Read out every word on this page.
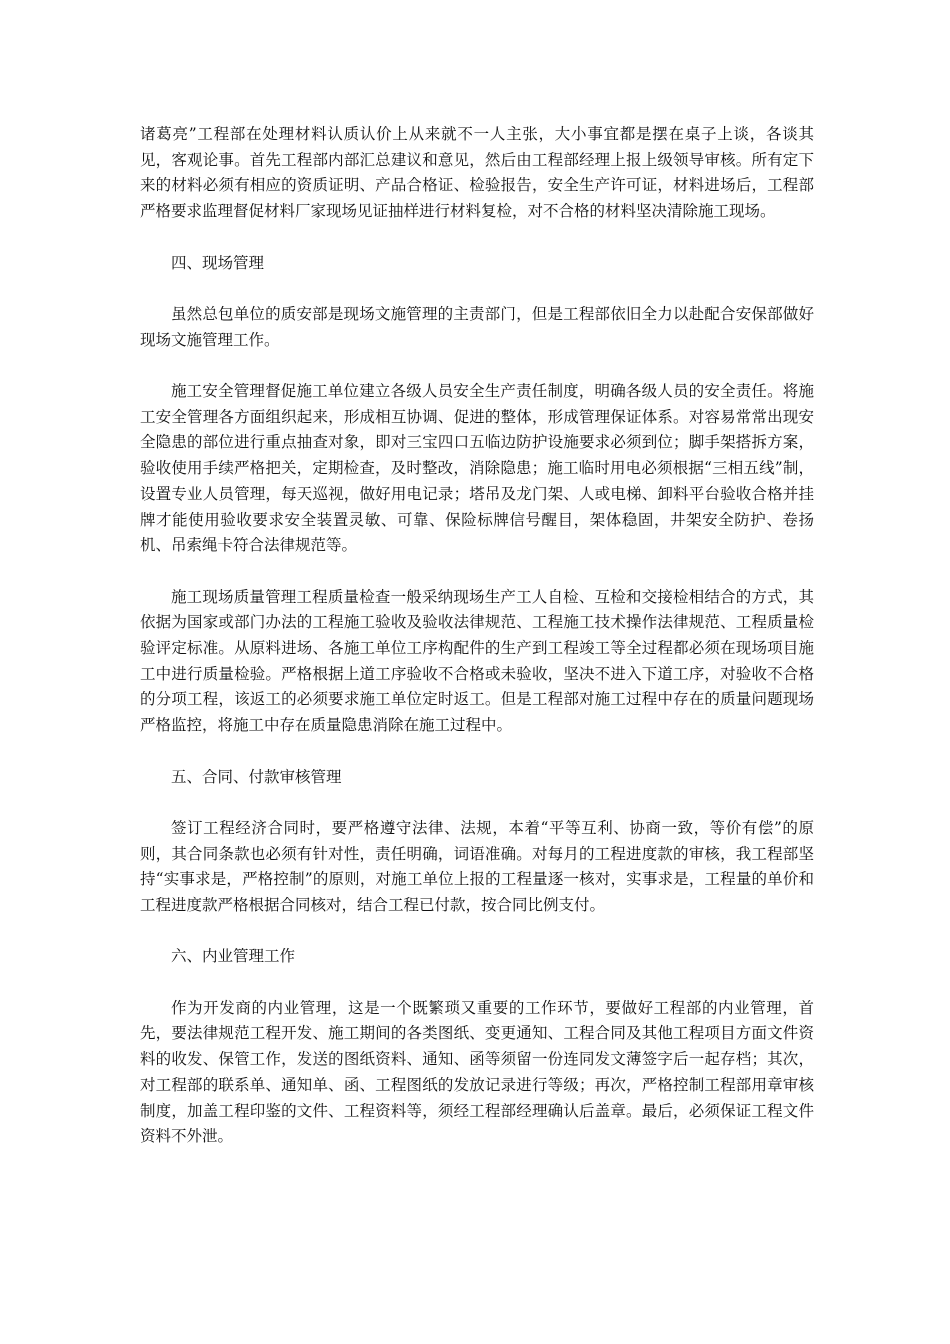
诸葛亮”工程部在处理材料认质认价上从来就不一人主张，大小事宜都是摆在桌子上谈，各谈其见，客观论事。首先工程部内部汇总建议和意见，然后由工程部经理上报上级领导审核。所有定下来的材料必须有相应的资质证明、产品合格证、检验报告，安全生产许可证，材料进场后，工程部严格要求监理督促材料厂家现场见证抽样进行材料复检，对不合格的材料坚决清除施工现场。

四、现场管理

虽然总包单位的质安部是现场文施管理的主责部门，但是工程部依旧全力以赴配合安保部做好现场文施管理工作。

施工安全管理督促施工单位建立各级人员安全生产责任制度，明确各级人员的安全责任。将施工安全管理各方面组织起来，形成相互协调、促进的整体，形成管理保证体系。对容易常常出现安全隐患的部位进行重点抽查对象，即对三宝四口五临边防护设施要求必须到位；脚手架搭拆方案，验收使用手续严格把关，定期检查，及时整改，消除隐患；施工临时用电必须根据“三相五线”制，设置专业人员管理，每天巡视，做好用电记录；塔吊及龙门架、人或电梯、卸料平台验收合格并挂牌才能使用验收要求安全装置灵敏、可靠、保险标牌信号醒目，架体稳固，井架安全防护、卷扬机、吊索绳卡符合法律规范等。

施工现场质量管理工程质量检查一般采纳现场生产工人自检、互检和交接检相结合的方式，其依据为国家或部门办法的工程施工验收及验收法律规范、工程施工技术操作法律规范、工程质量检验评定标准。从原料进场、各施工单位工序构配件的生产到工程竣工等全过程都必须在现场项目施工中进行质量检验。严格根据上道工序验收不合格或未验收，坚决不进入下道工序，对验收不合格的分项工程，该返工的必须要求施工单位定时返工。但是工程部对施工过程中存在的质量问题现场严格监控，将施工中存在质量隐患消除在施工过程中。

五、合同、付款审核管理

签订工程经济合同时，要严格遵守法律、法规，本着“平等互利、协商一致，等价有偿”的原则，其合同条款也必须有针对性，责任明确，词语准确。对每月的工程进度款的审核，我工程部坚持“实事求是，严格控制”的原则，对施工单位上报的工程量逐一核对，实事求是，工程量的单价和工程进度款严格根据合同核对，结合工程已付款，按合同比例支付。

六、内业管理工作

作为开发商的内业管理，这是一个既繁琐又重要的工作环节，要做好工程部的内业管理，首先，要法律规范工程开发、施工期间的各类图纸、变更通知、工程合同及其他工程项目方面文件资料的收发、保管工作，发送的图纸资料、通知、函等须留一份连同发文薄签字后一起存档；其次，对工程部的联系单、通知单、函、工程图纸的发放记录进行等级；再次，严格控制工程部用章审核制度，加盖工程印鉴的文件、工程资料等，须经工程部经理确认后盖章。最后，必须保证工程文件资料不外泄。
